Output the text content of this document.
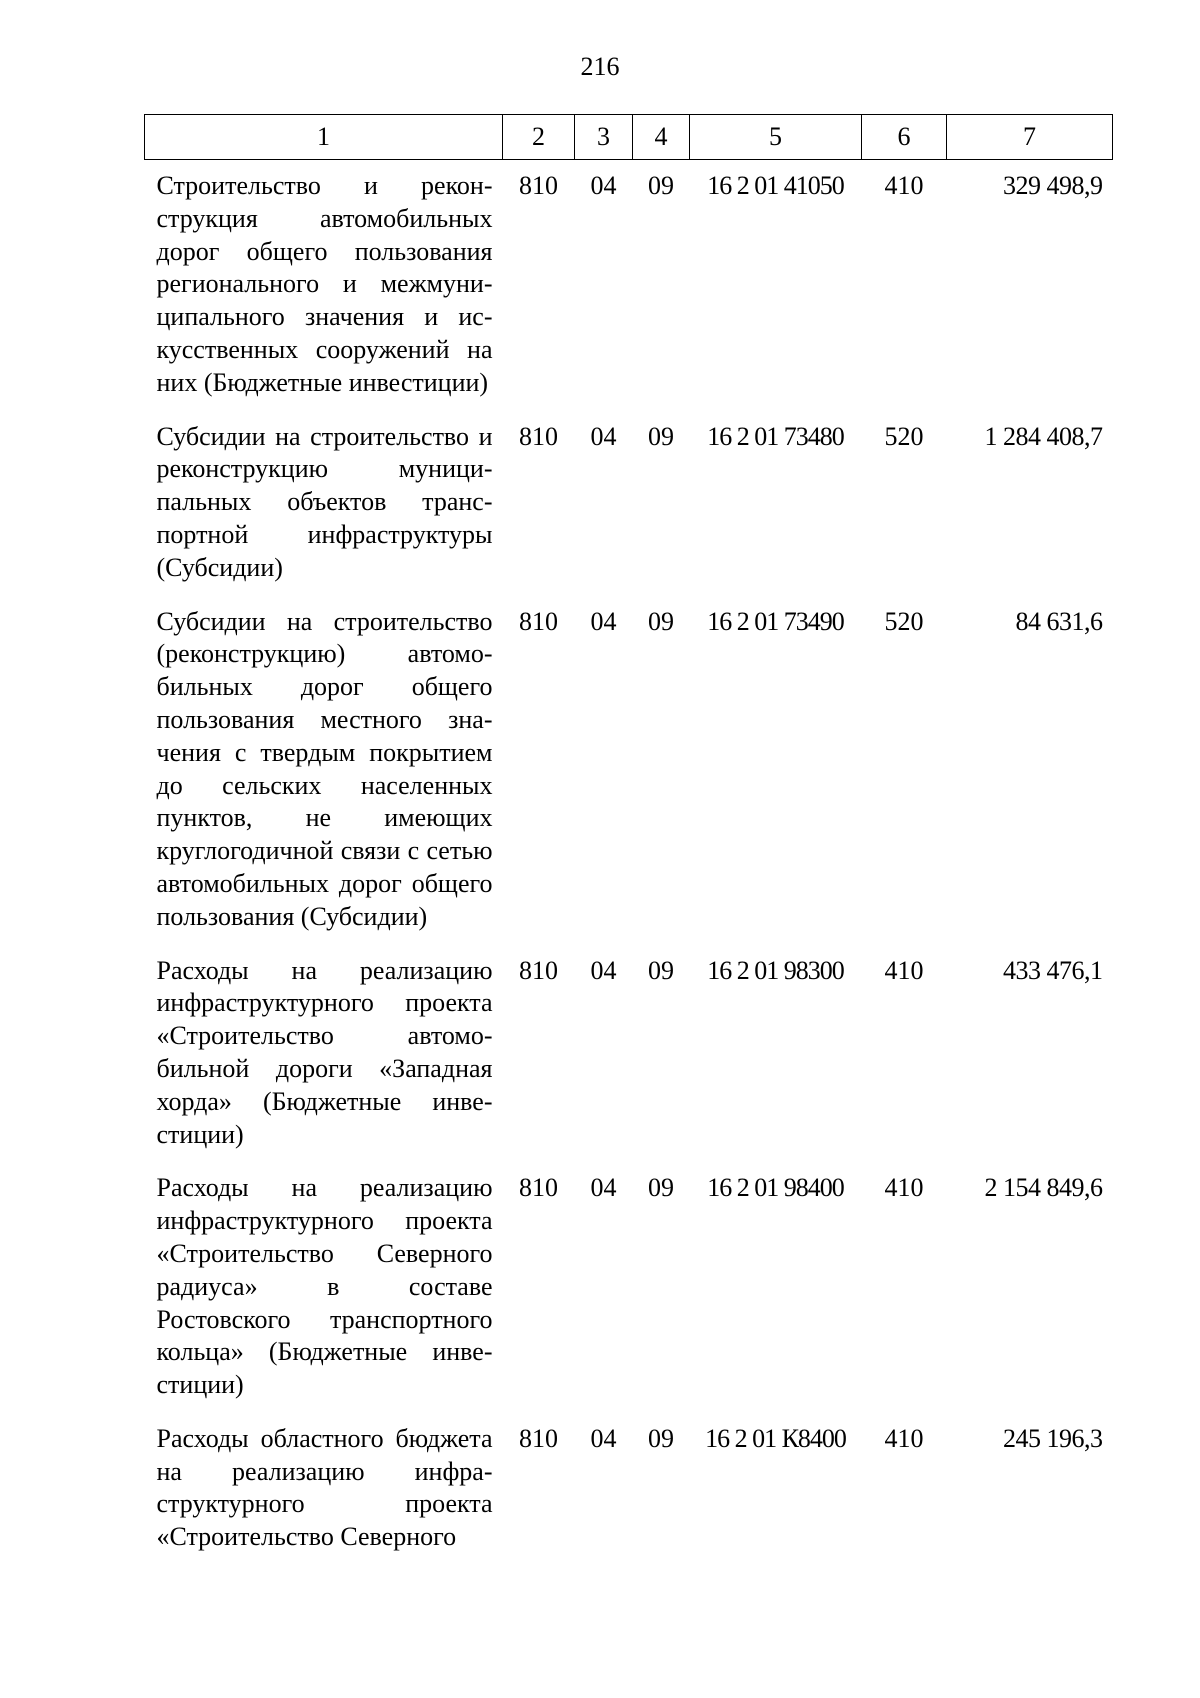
216
1	2	3	4	5	6	7
Строительство и реконструкция автомобильных дорог общего пользования регионального и межмуниципального значения и искусственных сооружений на них (Бюджетные инвестиции)	810	04	09	16 2 01 41050	410	329 498,9
Субсидии на строительство и реконструкцию муниципальных объектов транспортной инфраструктуры (Субсидии)	810	04	09	16 2 01 73480	520	1 284 408,7
Субсидии на строительство (реконструкцию) автомобильных дорог общего пользования местного значения с твердым покрытием до сельских населенных пунктов, не имеющих круглогодичной связи с сетью автомобильных дорог общего пользования (Субсидии)	810	04	09	16 2 01 73490	520	84 631,6
Расходы на реализацию инфраструктурного проекта «Строительство автомобильной дороги «Западная хорда» (Бюджетные инвестиции)	810	04	09	16 2 01 98300	410	433 476,1
Расходы на реализацию инфраструктурного проекта «Строительство Северного радиуса» в составе Ростовского транспортного кольца» (Бюджетные инвестиции)	810	04	09	16 2 01 98400	410	2 154 849,6
Расходы областного бюджета на реализацию инфраструктурного проекта «Строительство Северного	810	04	09	16 2 01 К8400	410	245 196,3
